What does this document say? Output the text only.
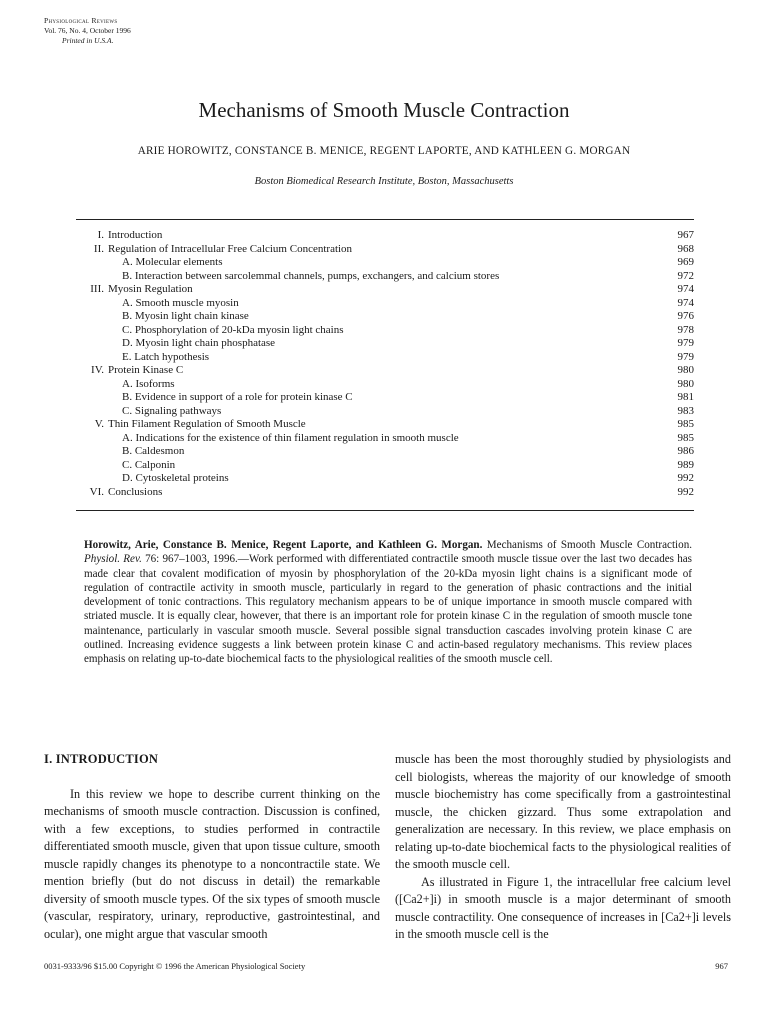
Physiological Reviews
Vol. 76, No. 4, October 1996
Printed in U.S.A.
Mechanisms of Smooth Muscle Contraction
ARIE HOROWITZ, CONSTANCE B. MENICE, REGENT LAPORTE, AND KATHLEEN G. MORGAN
Boston Biomedical Research Institute, Boston, Massachusetts
I. Introduction	967
II. Regulation of Intracellular Free Calcium Concentration	968
A. Molecular elements	969
B. Interaction between sarcolemmal channels, pumps, exchangers, and calcium stores	972
III. Myosin Regulation	974
A. Smooth muscle myosin	974
B. Myosin light chain kinase	976
C. Phosphorylation of 20-kDa myosin light chains	978
D. Myosin light chain phosphatase	979
E. Latch hypothesis	979
IV. Protein Kinase C	980
A. Isoforms	980
B. Evidence in support of a role for protein kinase C	981
C. Signaling pathways	983
V. Thin Filament Regulation of Smooth Muscle	985
A. Indications for the existence of thin filament regulation in smooth muscle	985
B. Caldesmon	986
C. Calponin	989
D. Cytoskeletal proteins	992
VI. Conclusions	992
Horowitz, Arie, Constance B. Menice, Regent Laporte, and Kathleen G. Morgan. Mechanisms of Smooth Muscle Contraction. Physiol. Rev. 76: 967–1003, 1996.—Work performed with differentiated contractile smooth muscle tissue over the last two decades has made clear that covalent modification of myosin by phosphorylation of the 20-kDa myosin light chains is a significant mode of regulation of contractile activity in smooth muscle, particularly in regard to the generation of phasic contractions and the initial development of tonic contractions. This regulatory mechanism appears to be of unique importance in smooth muscle compared with striated muscle. It is equally clear, however, that there is an important role for protein kinase C in the regulation of smooth muscle tone maintenance, particularly in vascular smooth muscle. Several possible signal transduction cascades involving protein kinase C are outlined. Increasing evidence suggests a link between protein kinase C and actin-based regulatory mechanisms. This review places emphasis on relating up-to-date biochemical facts to the physiological realities of the smooth muscle cell.
I. INTRODUCTION

In this review we hope to describe current thinking on the mechanisms of smooth muscle contraction. Discussion is confined, with a few exceptions, to studies performed in contractile differentiated smooth muscle, given that upon tissue culture, smooth muscle rapidly changes its phenotype to a noncontractile state. We mention briefly (but do not discuss in detail) the remarkable diversity of smooth muscle types. Of the six types of smooth muscle (vascular, respiratory, urinary, reproductive, gastrointestinal, and ocular), one might argue that vascular smooth

muscle has been the most thoroughly studied by physiologists and cell biologists, whereas the majority of our knowledge of smooth muscle biochemistry has come specifically from a gastrointestinal muscle, the chicken gizzard. Thus some extrapolation and generalization are necessary. In this review, we place emphasis on relating up-to-date biochemical facts to the physiological realities of the smooth muscle cell.

As illustrated in Figure 1, the intracellular free calcium level ([Ca2+]i) in smooth muscle is a major determinant of smooth muscle contractility. One consequence of increases in [Ca2+]i levels in the smooth muscle cell is the

0031-9333/96 $15.00 Copyright © 1996 the American Physiological Society	967
